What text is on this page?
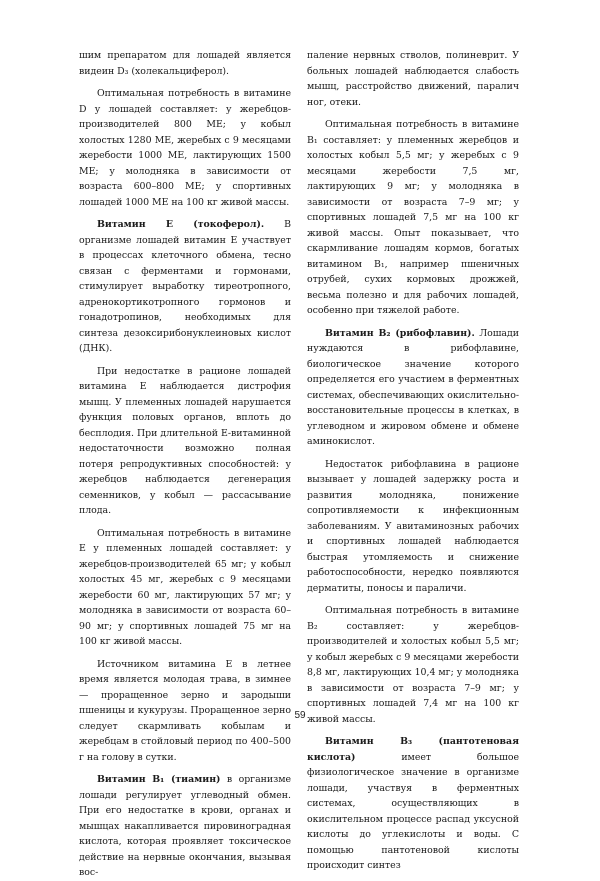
шим препаратом для лошадей является видеин D₃ (холекальциферол).

Оптимальная потребность в витамине D у лошадей составляет: у жеребцов-производителей 800 МЕ; у кобыл холостых 1280 МЕ, жеребых с 9 месяцами жеребости 1000 МЕ, лактирующих 1500 МЕ; у молодняка в зависимости от возраста 600–800 МЕ; у спортивных лошадей 1000 МЕ на 100 кг живой массы.

Витамин Е (токоферол). В организме лошадей витамин Е участвует в процессах клеточного обмена, тесно связан с ферментами и гормонами, стимулирует выработку тиреотропного, адренокортикотропного гормонов и гонадотропинов, необходимых для синтеза дезоксирибонуклеиновых кислот (ДНК).

При недостатке в рационе лошадей витамина Е наблюдается дистрофия мышц. У племенных лошадей нарушается функция половых органов, вплоть до бесплодия. При длительной Е-витаминной недостаточности возможно полная потеря репродуктивных способностей: у жеребцов наблюдается дегенерация семенников, у кобыл — рассасывание плода.

Оптимальная потребность в витамине Е у племенных лошадей составляет: у жеребцов-производителей 65 мг; у кобыл холостых 45 мг, жеребых с 9 месяцами жеребости 60 мг, лактирующих 57 мг; у молодняка в зависимости от возраста 60–90 мг; у спортивных лошадей 75 мг на 100 кг живой массы.

Источником витамина Е в летнее время является молодая трава, в зимнее — проращенное зерно и зародыши пшеницы и кукурузы. Проращенное зерно следует скармливать кобылам и жеребцам в стойловый период по 400–500 г на голову в сутки.

Витамин B₁ (тиамин) в организме лошади регулирует углеводный обмен. При его недостатке в крови, органах и мышцах накапливается пировиноградная кислота, которая проявляет токсическое действие на нервные окончания, вызывая вос-

паление нервных стволов, полиневрит. У больных лошадей наблюдается слабость мышц, расстройство движений, паралич ног, отеки.

Оптимальная потребность в витамине B₁ составляет: у племенных жеребцов и холостых кобыл 5,5 мг; у жеребых с 9 месяцами жеребости 7,5 мг, лактирующих 9 мг; у молодняка в зависимости от возраста 7–9 мг; у спортивных лошадей 7,5 мг на 100 кг живой массы. Опыт показывает, что скармливание лошадям кормов, богатых витамином B₁, например пшеничных отрубей, сухих кормовых дрожжей, весьма полезно и для рабочих лошадей, особенно при тяжелой работе.

Витамин B₂ (рибофлавин). Лошади нуждаются в рибофлавине, биологическое значение которого определяется его участием в ферментных системах, обеспечивающих окислительно-восстановительные процессы в клетках, в углеводном и жировом обмене и обмене аминокислот.

Недостаток рибофлавина в рационе вызывает у лошадей задержку роста и развития молодняка, понижение сопротивляемости к инфекционным заболеваниям. У авитаминозных рабочих и спортивных лошадей наблюдается быстрая утомляемость и снижение работоспособности, нередко появляются дерматиты, поносы и параличи.

Оптимальная потребность в витамине B₂ составляет: у жеребцов-производителей и холостых кобыл 5,5 мг; у кобыл жеребых с 9 месяцами жеребости 8,8 мг, лактирующих 10,4 мг; у молодняка в зависимости от возраста 7–9 мг; у спортивных лошадей 7,4 мг на 100 кг живой массы.

Витамин B₃ (пантотеновая кислота)	имеет большое физиологическое значение в организме лошади, участвуя в ферментных системах, осуществляющих в окислительном процессе распад уксусной кислоты до углекислоты и воды. С помощью пантотеновой кислоты происходит синтез

59
